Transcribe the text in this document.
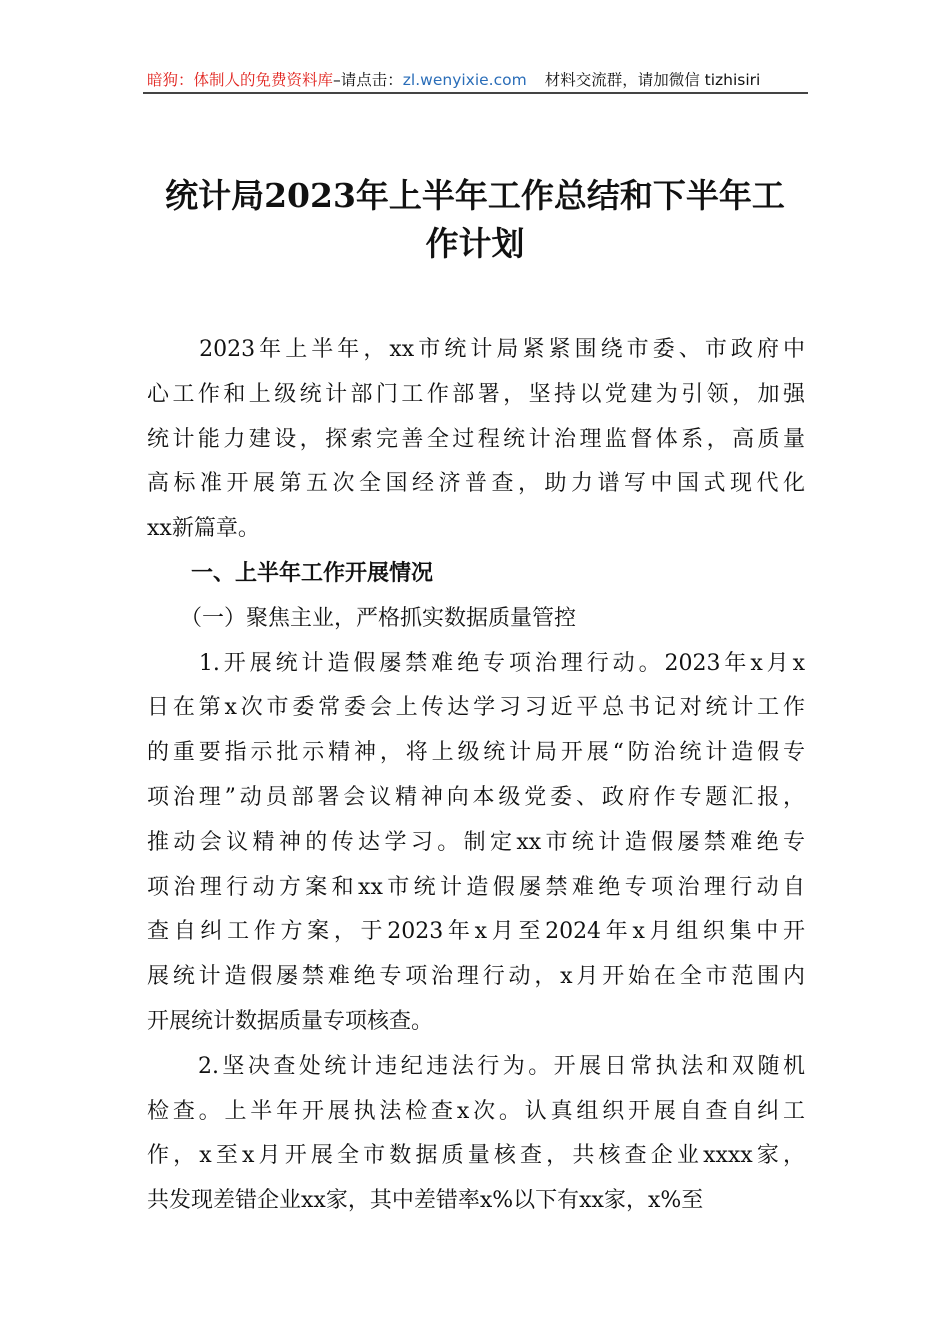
暗狗：体制人的免费资料库–请点击：zl.wenyixie.com 材料交流群，请加微信 tizhisiri
统计局2023年上半年工作总结和下半年工
作计划
　　2023年上半年，xx市统计局紧紧围绕市委、市政府中
心工作和上级统计部门工作部署，坚持以党建为引领，加强
统计能力建设，探索完善全过程统计治理监督体系，高质量
高标准开展第五次全国经济普查，助力谱写中国式现代化
xx新篇章。
　　一、上半年工作开展情况
　　（一）聚焦主业，严格抓实数据质量管控
　　1.开展统计造假屡禁难绝专项治理行动。2023年x月x
日在第x次市委常委会上传达学习习近平总书记对统计工作
的重要指示批示精神，将上级统计局开展“防治统计造假专
项治理”动员部署会议精神向本级党委、政府作专题汇报，
推动会议精神的传达学习。制定xx市统计造假屡禁难绝专
项治理行动方案和xx市统计造假屡禁难绝专项治理行动自
查自纠工作方案，于2023年x月至2024年x月组织集中开
展统计造假屡禁难绝专项治理行动，x月开始在全市范围内
开展统计数据质量专项核查。
　　2.坚决查处统计违纪违法行为。开展日常执法和双随机
检查。上半年开展执法检查x次。认真组织开展自查自纠工
作，x至x月开展全市数据质量核查，共核查企业xxxx家，
共发现差错企业xx家，其中差错率x%以下有xx家，x%至
